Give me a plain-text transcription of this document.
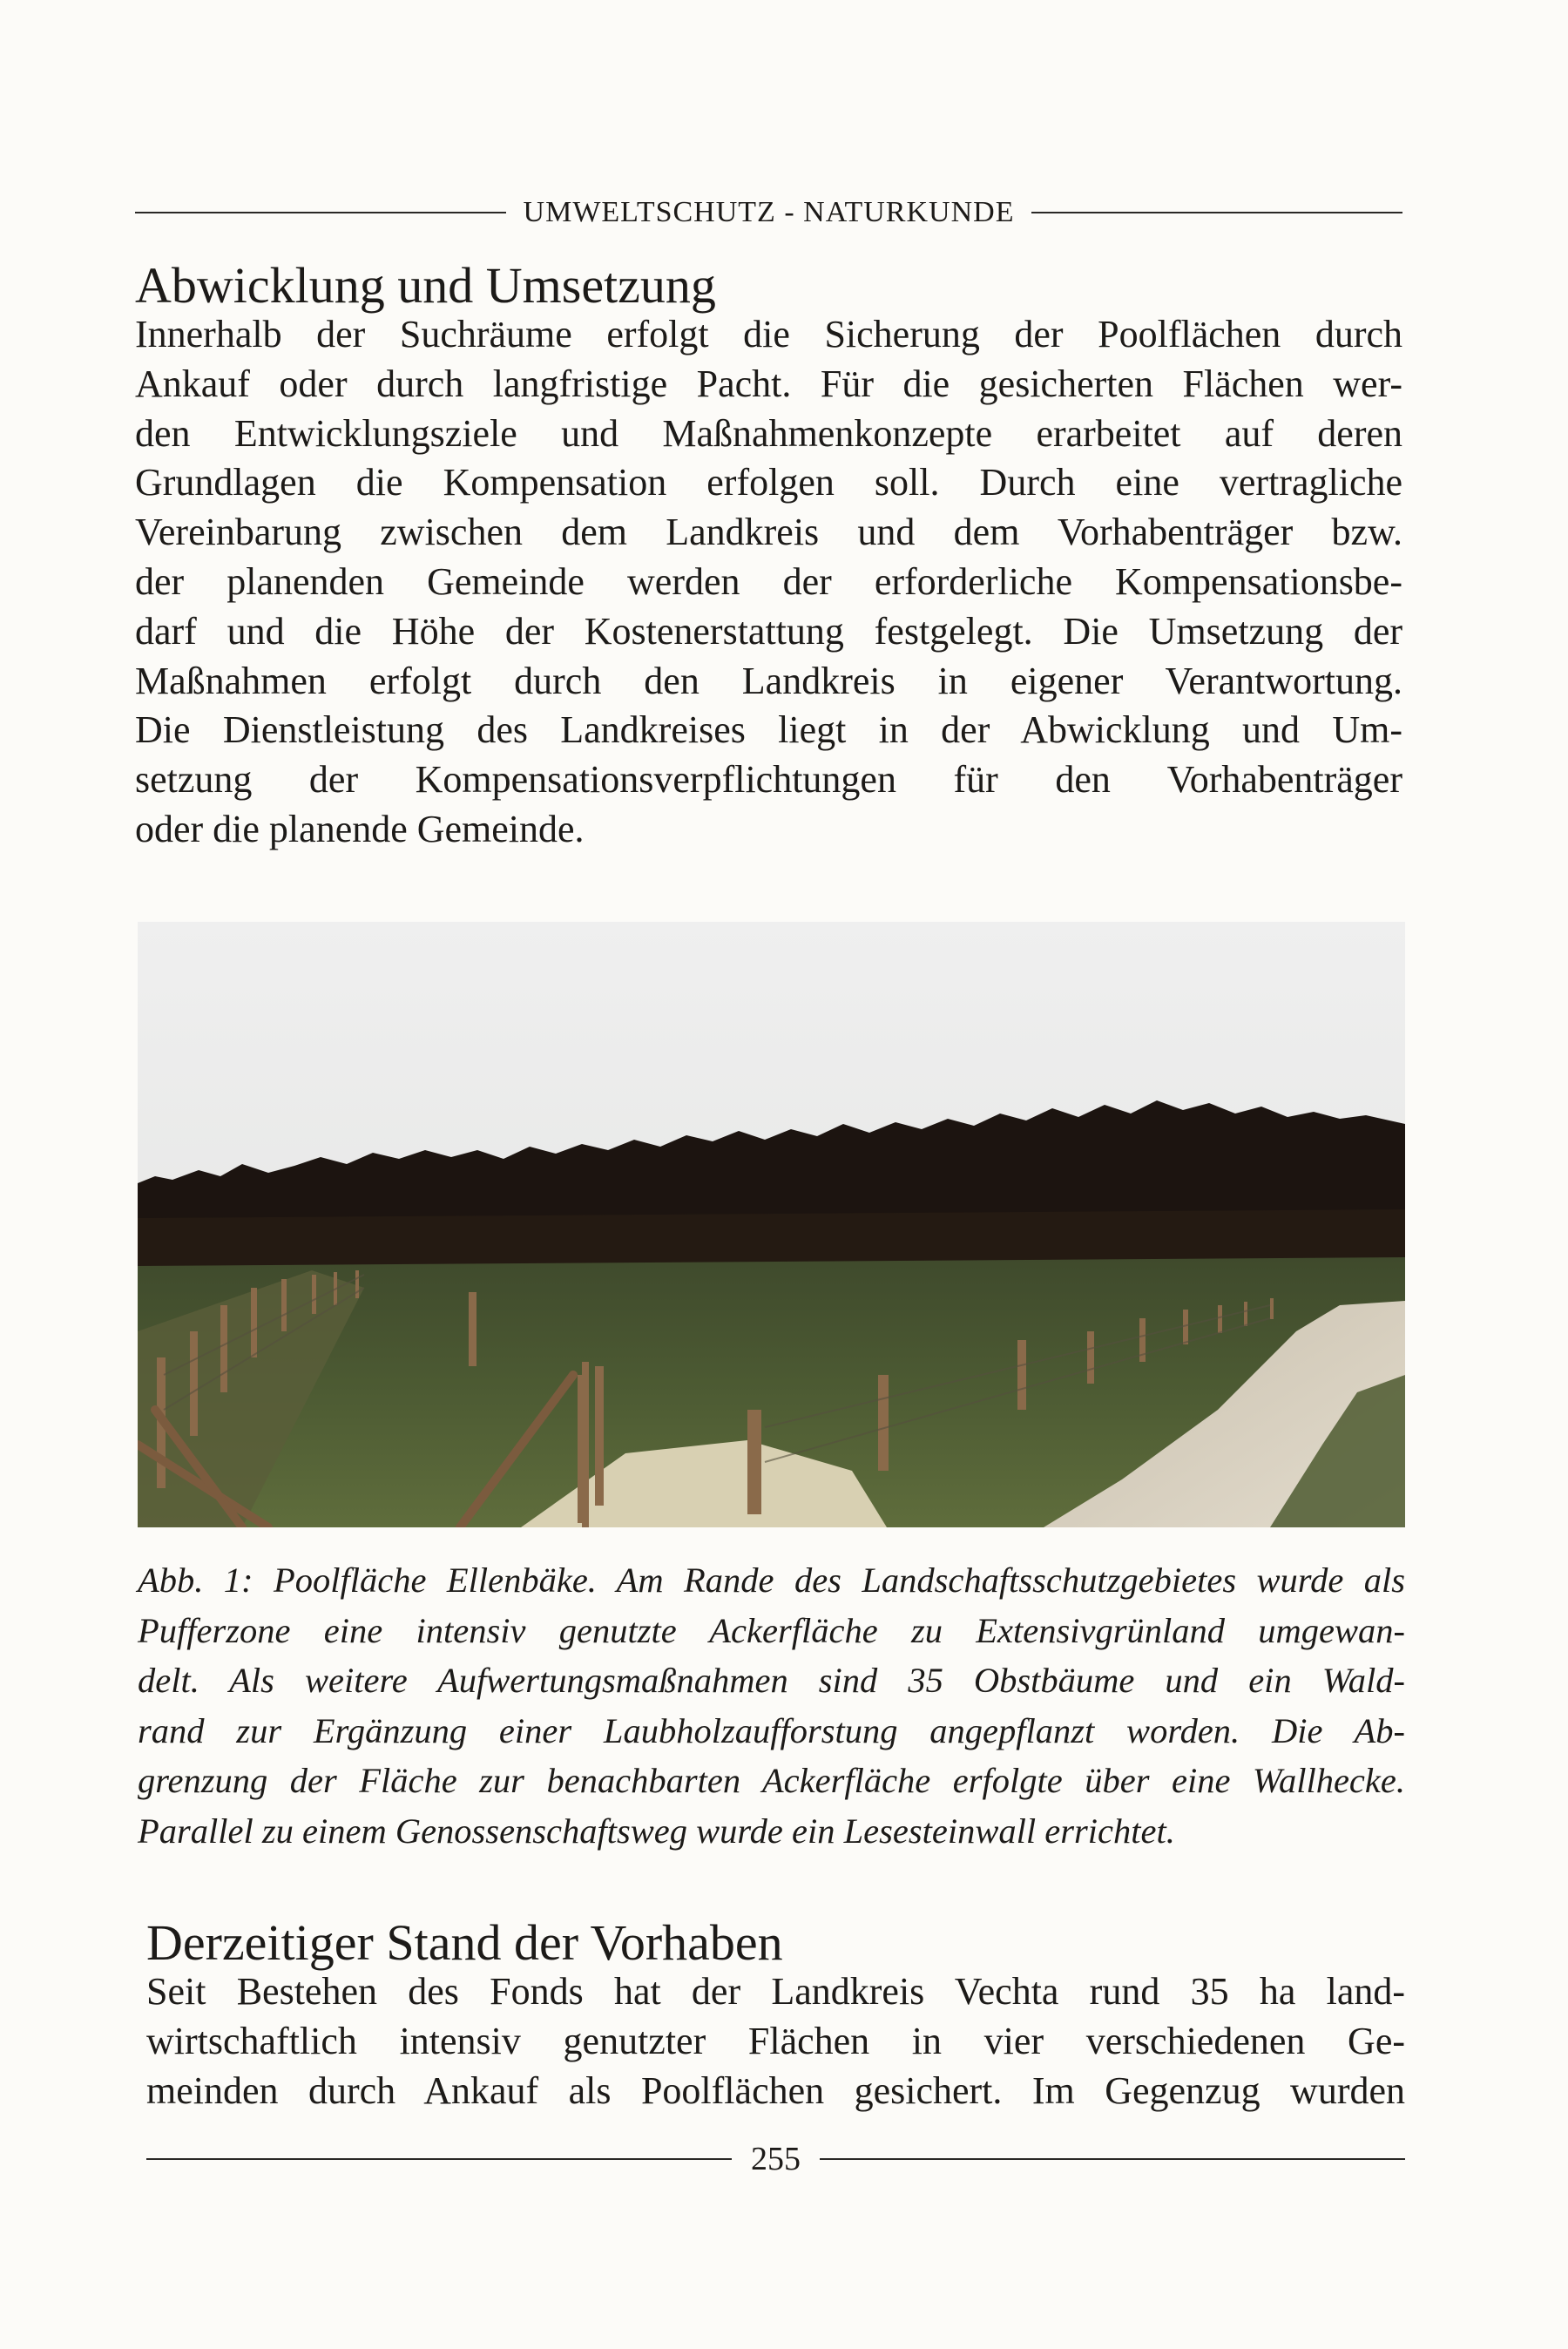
UMWELTSCHUTZ - NATURKUNDE
Abwicklung und Umsetzung

Innerhalb der Suchräume erfolgt die Sicherung der Poolflächen durch
Ankauf oder durch langfristige Pacht. Für die gesicherten Flächen wer-
den Entwicklungsziele und Maßnahmenkonzepte erarbeitet auf deren
Grundlagen die Kompensation erfolgen soll. Durch eine vertragliche
Vereinbarung zwischen dem Landkreis und dem Vorhabenträger bzw.
der planenden Gemeinde werden der erforderliche Kompensationsbe-
darf und die Höhe der Kostenerstattung festgelegt. Die Umsetzung der
Maßnahmen erfolgt durch den Landkreis in eigener Verantwortung.
Die Dienstleistung des Landkreises liegt in der Abwicklung und Um-
setzung der Kompensationsverpflichtungen für den Vorhabenträger
oder die planende Gemeinde.

Abb. 1: Poolfläche Ellenbäke. Am Rande des Landschaftsschutzgebietes wurde als
Pufferzone eine intensiv genutzte Ackerfläche zu Extensivgrünland umgewan-
delt. Als weitere Aufwertungsmaßnahmen sind 35 Obstbäume und ein Wald-
rand zur Ergänzung einer Laubholzaufforstung angepflanzt worden. Die Ab-
grenzung der Fläche zur benachbarten Ackerfläche erfolgte über eine Wallhecke.
Parallel zu einem Genossenschaftsweg wurde ein Lesesteinwall errichtet.

Derzeitiger Stand der Vorhaben

Seit Bestehen des Fonds hat der Landkreis Vechta rund 35 ha land-
wirtschaftlich intensiv genutzter Flächen in vier verschiedenen Ge-
meinden durch Ankauf als Poolflächen gesichert. Im Gegenzug wurden

255
